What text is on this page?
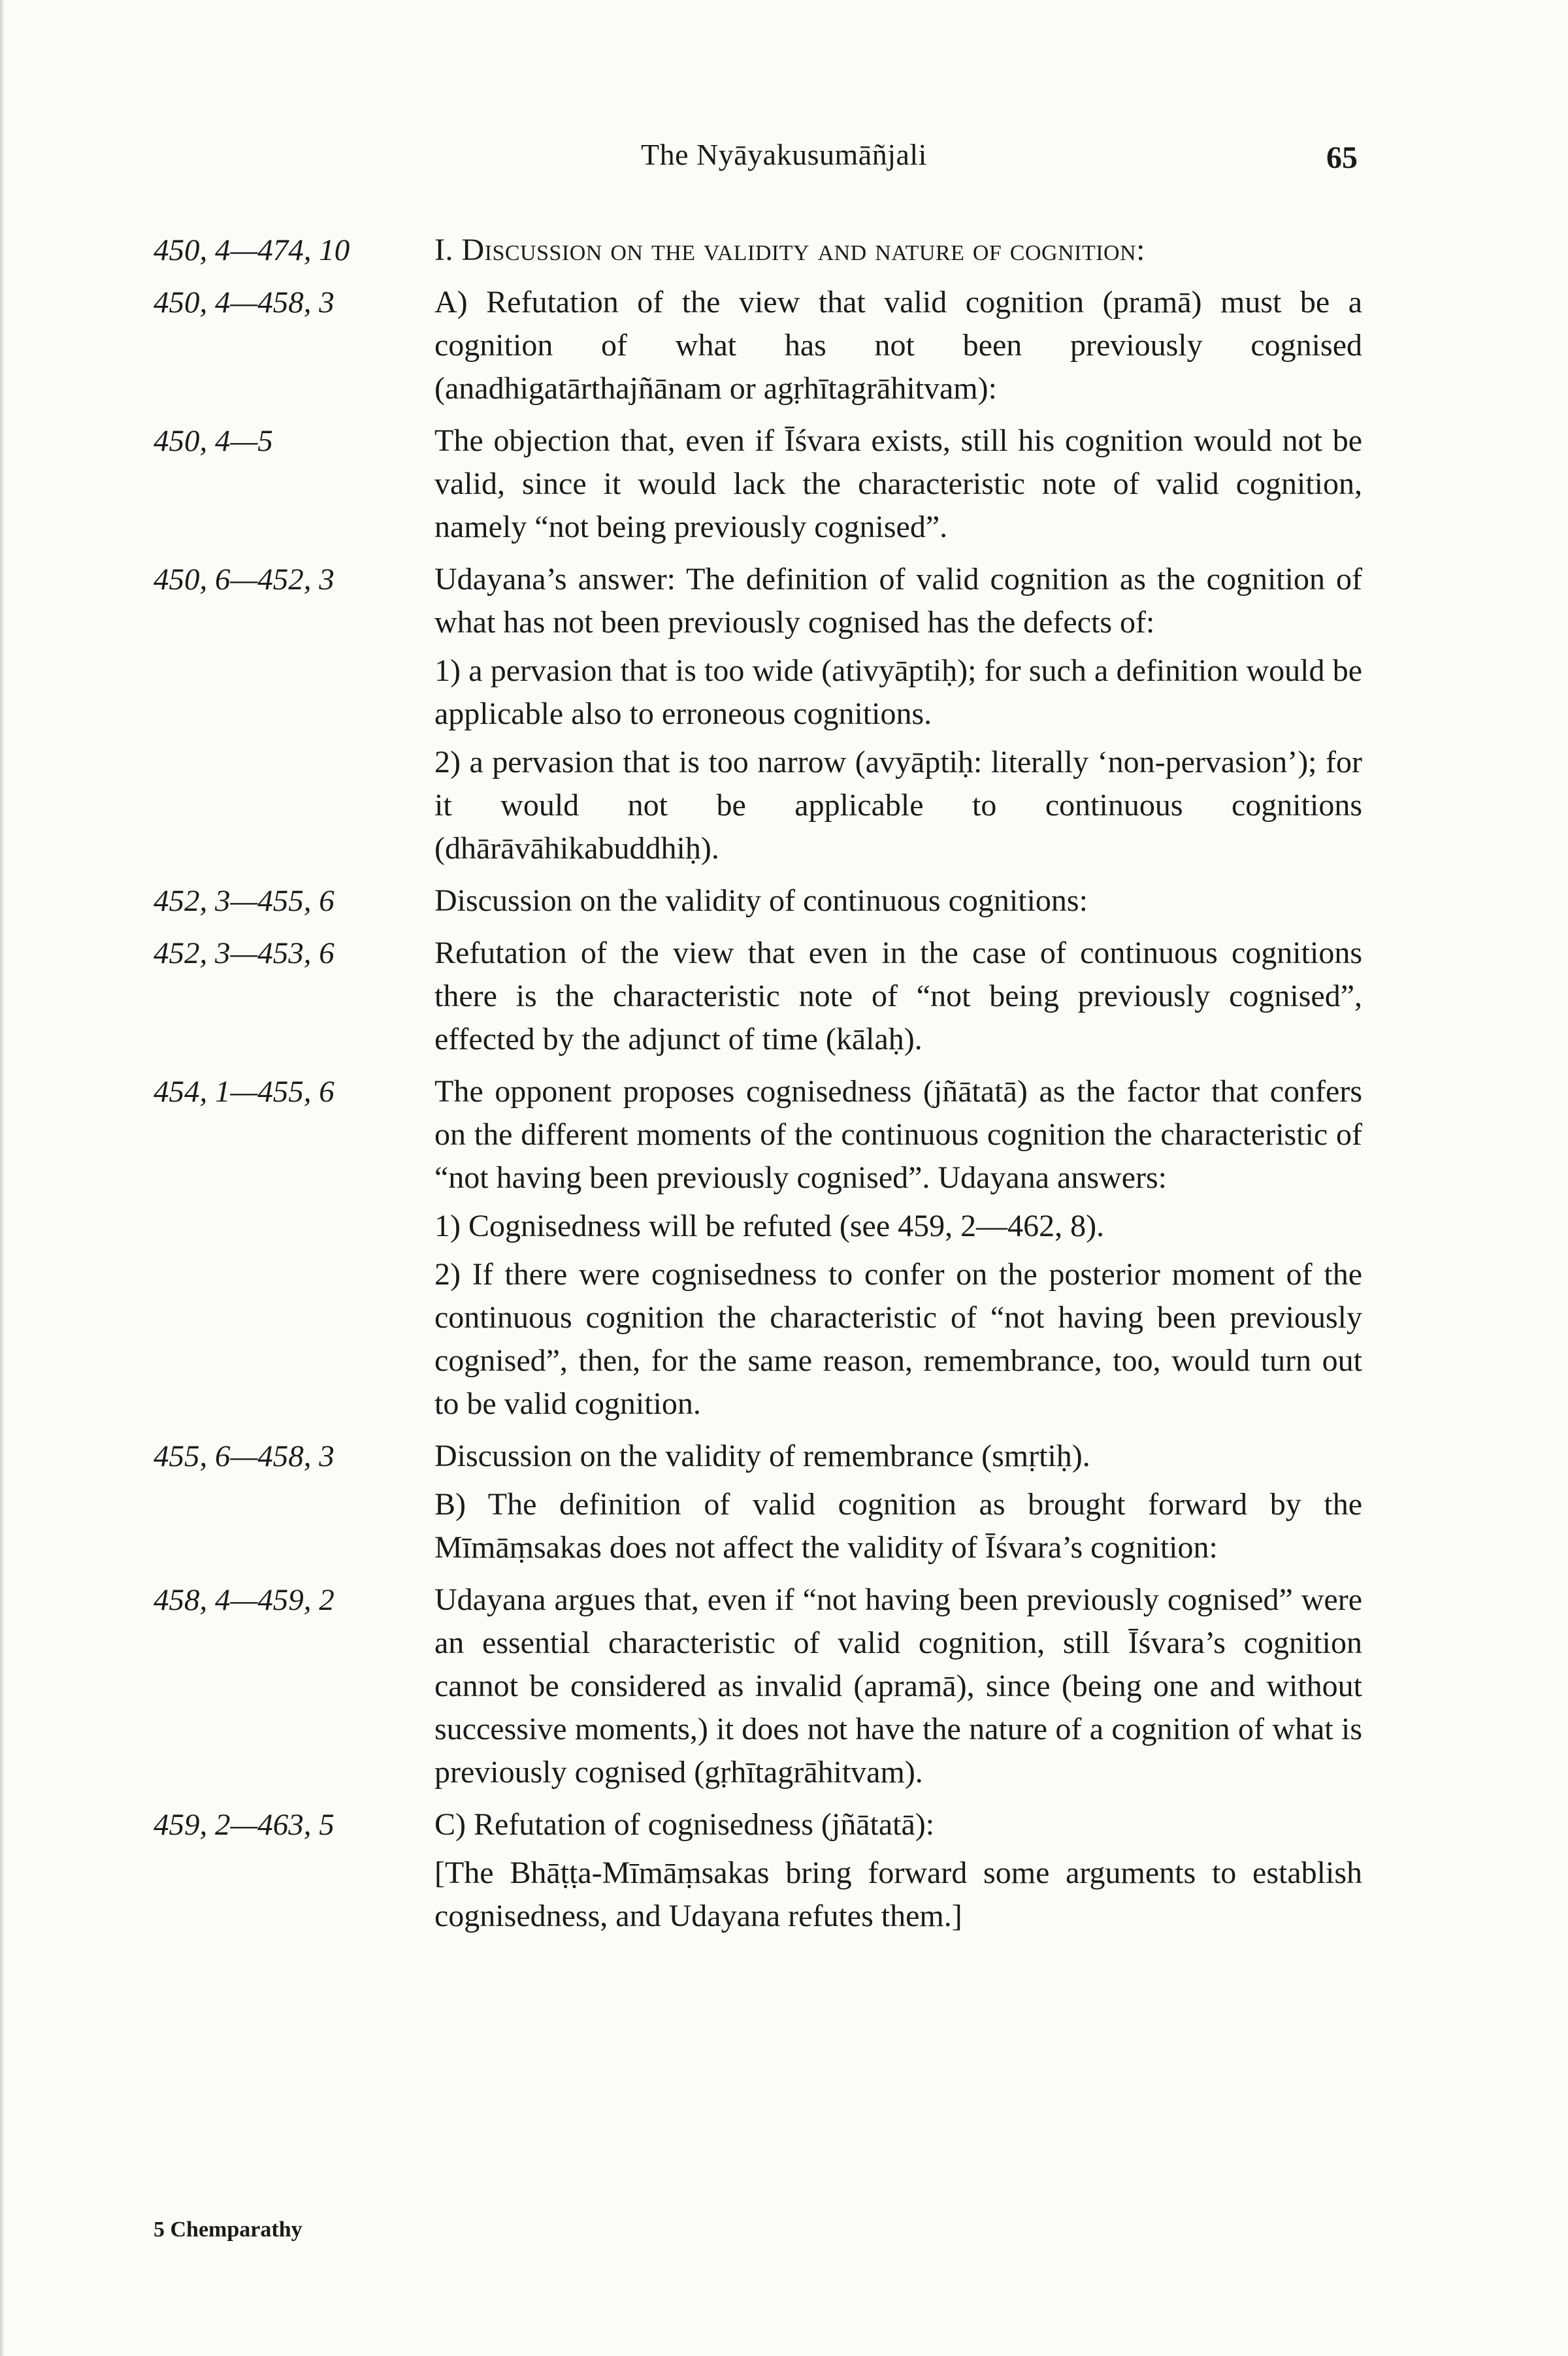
The Nyāyakusumāñjali	65
450, 4—474, 10	I. Discussion on the validity and nature of cognition:
450, 4—458, 3	A) Refutation of the view that valid cognition (pramā) must be a cognition of what has not been previously cognised (anadhigatārthajñānam or agṛhītagrāhitvam):
450, 4—5	The objection that, even if Īśvara exists, still his cognition would not be valid, since it would lack the characteristic note of valid cognition, namely “not being previously cognised”.
450, 6—452, 3	Udayana’s answer: The definition of valid cognition as the cognition of what has not been previously cognised has the defects of:
1) a pervasion that is too wide (ativyāptiḥ); for such a definition would be applicable also to erroneous cognitions.
2) a pervasion that is too narrow (avyāptiḥ: literally ‘non-pervasion’); for it would not be applicable to continuous cognitions (dhārāvāhikabuddhiḥ).
452, 3—455, 6	Discussion on the validity of continuous cognitions:
452, 3—453, 6	Refutation of the view that even in the case of continuous cognitions there is the characteristic note of “not being previously cognised”, effected by the adjunct of time (kālaḥ).
454, 1—455, 6	The opponent proposes cognisedness (jñātatā) as the factor that confers on the different moments of the continuous cognition the characteristic of “not having been previously cognised”. Udayana answers:
1) Cognisedness will be refuted (see 459, 2—462, 8).
2) If there were cognisedness to confer on the posterior moment of the continuous cognition the characteristic of “not having been previously cognised”, then, for the same reason, remembrance, too, would turn out to be valid cognition.
455, 6—458, 3	Discussion on the validity of remembrance (smṛtiḥ).
B) The definition of valid cognition as brought forward by the Mīmāṃsakas does not affect the validity of Īśvara’s cognition:
458, 4—459, 2	Udayana argues that, even if “not having been previously cognised” were an essential characteristic of valid cognition, still Īśvara’s cognition cannot be considered as invalid (apramā), since (being one and without successive moments,) it does not have the nature of a cognition of what is previously cognised (gṛhītagrāhitvam).
459, 2—463, 5	C) Refutation of cognisedness (jñātatā):
[The Bhāṭṭa-Mīmāṃsakas bring forward some arguments to establish cognisedness, and Udayana refutes them.]
5 Chemparathy
